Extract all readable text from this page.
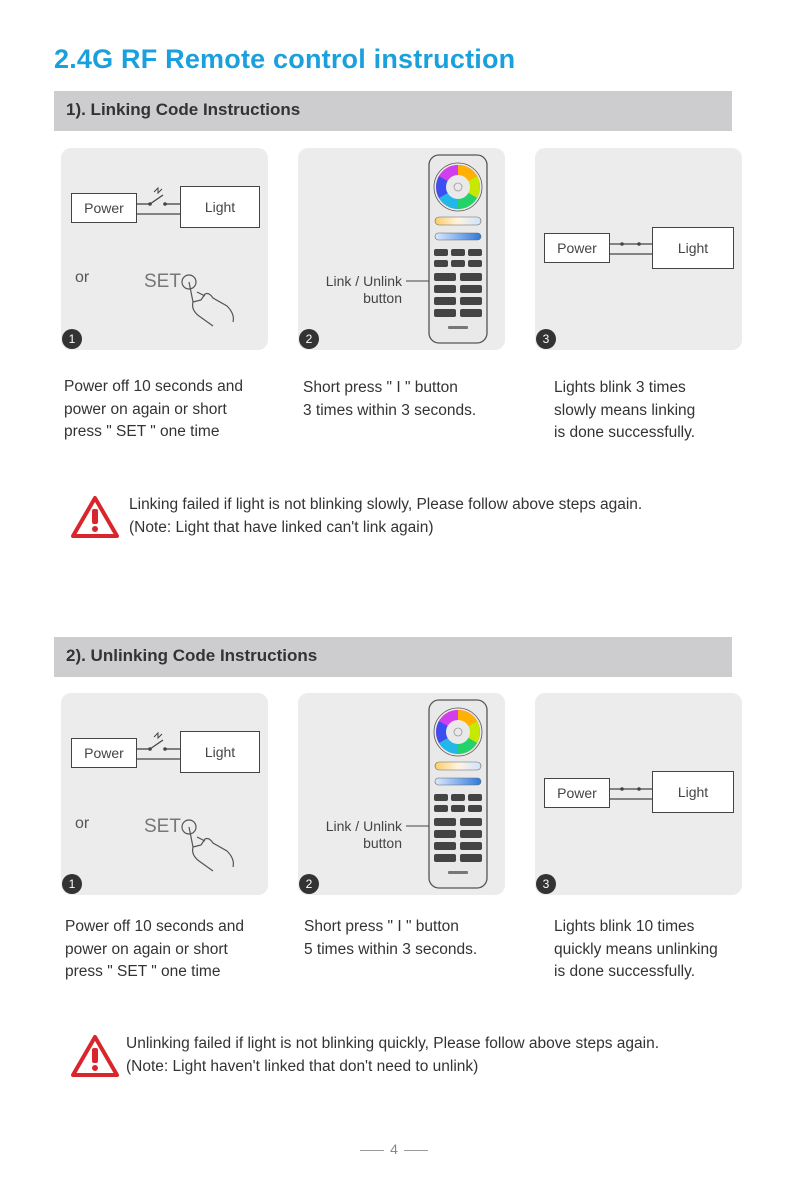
2.4G RF Remote control instruction
1). Linking Code Instructions
Power	Light
or	SET
1
Link / Unlink
button
2
Power	Light
3
Power off 10 seconds and
power on again or short
press " SET " one time
Short press " I " button
3 times within 3 seconds.
Lights blink 3 times
slowly means linking
is done successfully.
Linking failed if light is not blinking slowly, Please follow above steps again.
(Note: Light that have linked can't link again)
2). Unlinking Code Instructions
Power	Light
or	SET
1
Link / Unlink
button
2
Power	Light
3
Power off 10 seconds and
power on again or short
press " SET " one time
Short press " I " button
5 times within 3 seconds.
Lights blink 10 times
quickly means unlinking
is done successfully.
Unlinking failed if light is not blinking quickly, Please follow above steps again.
(Note: Light haven't linked that don't need to unlink)
4
